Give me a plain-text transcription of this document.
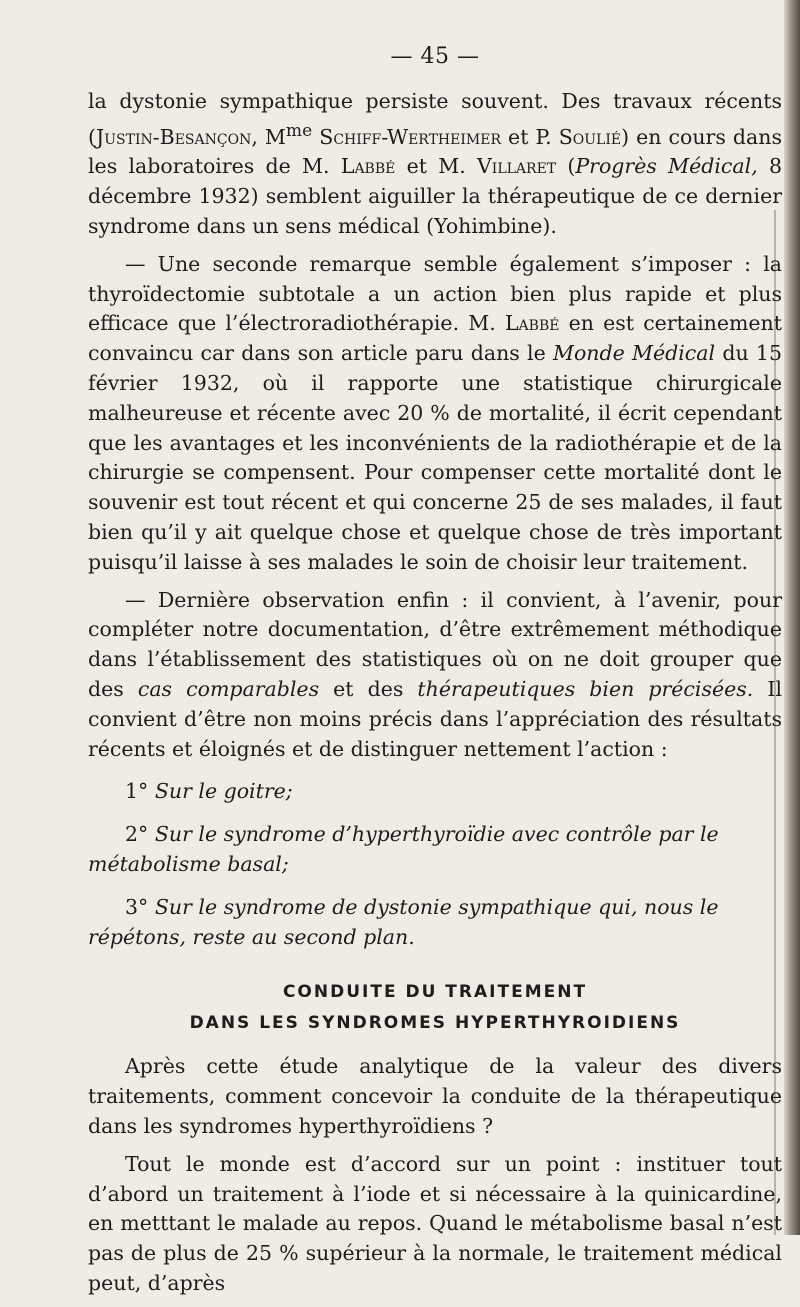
— 45 —

la dystonie sympathique persiste souvent. Des travaux récents (Justin-Besançon, $M^{me}$ Schiff-Wertheimer et P. Soulié) en cours dans les laboratoires de M. Labbé et M. Villaret (Progrès Médical, 8 décembre 1932) semblent aiguiller la thérapeutique de ce dernier syndrome dans un sens médical (Yohimbine).

— Une seconde remarque semble également s’imposer : la thyroïdectomie subtotale a un action bien plus rapide et plus efficace que l’électroradiothérapie. M. Labbé en est certainement convaincu car dans son article paru dans le Monde Médical du 15 février 1932, où il rapporte une statistique chirurgicale malheureuse et récente avec 20 % de mortalité, il écrit cependant que les avantages et les inconvénients de la radiothérapie et de la chirurgie se compensent. Pour compenser cette mortalité dont le souvenir est tout récent et qui concerne 25 de ses malades, il faut bien qu’il y ait quelque chose et quelque chose de très important puisqu’il laisse à ses malades le soin de choisir leur traitement.

— Dernière observation enfin : il convient, à l’avenir, pour compléter notre documentation, d’être extrêmement méthodique dans l’établissement des statistiques où on ne doit grouper que des cas comparables et des thérapeutiques bien précisées. Il convient d’être non moins précis dans l’appréciation des résultats récents et éloignés et de distinguer nettement l’action :

1° Sur le goitre;

2° Sur le syndrome d’hyperthyroïdie avec contrôle par le métabolisme basal;

3° Sur le syndrome de dystonie sympathique qui, nous le répétons, reste au second plan.

CONDUITE DU TRAITEMENT
DANS LES SYNDROMES HYPERTHYROIDIENS

Après cette étude analytique de la valeur des divers traitements, comment concevoir la conduite de la thérapeutique dans les syndromes hyperthyroïdiens ?

Tout le monde est d’accord sur un point : instituer tout d’abord un traitement à l’iode et si nécessaire à la quinicardine, en metttant le malade au repos. Quand le métabolisme basal n’est pas de plus de 25 % supérieur à la normale, le traitement médical peut, d’après
